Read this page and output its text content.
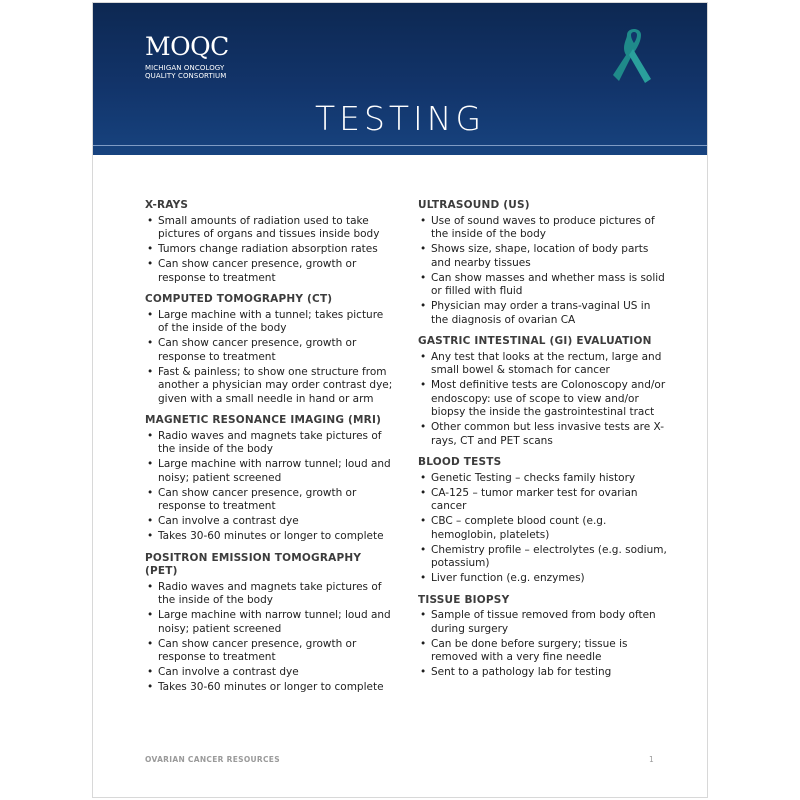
MOQC
MICHIGAN ONCOLOGY
QUALITY CONSORTIUM
TESTING
X-RAYS
• Small amounts of radiation used to take pictures of organs and tissues inside body
• Tumors change radiation absorption rates
• Can show cancer presence, growth or response to treatment
COMPUTED TOMOGRAPHY (CT)
• Large machine with a tunnel; takes picture of the inside of the body
• Can show cancer presence, growth or response to treatment
• Fast & painless; to show one structure from another a physician may order contrast dye; given with a small needle in hand or arm
MAGNETIC RESONANCE IMAGING (MRI)
• Radio waves and magnets take pictures of the inside of the body
• Large machine with narrow tunnel; loud and noisy; patient screened
• Can show cancer presence, growth or response to treatment
• Can involve a contrast dye
• Takes 30-60 minutes or longer to complete
POSITRON EMISSION TOMOGRAPHY (PET)
• Radio waves and magnets take pictures of the inside of the body
• Large machine with narrow tunnel; loud and noisy; patient screened
• Can show cancer presence, growth or response to treatment
• Can involve a contrast dye
• Takes 30-60 minutes or longer to complete
ULTRASOUND (US)
• Use of sound waves to produce pictures of the inside of the body
• Shows size, shape, location of body parts and nearby tissues
• Can show masses and whether mass is solid or filled with fluid
• Physician may order a trans-vaginal US in the diagnosis of ovarian CA
GASTRIC INTESTINAL (GI) EVALUATION
• Any test that looks at the rectum, large and small bowel & stomach for cancer
• Most definitive tests are Colonoscopy and/or endoscopy: use of scope to view and/or biopsy the inside the gastrointestinal tract
• Other common but less invasive tests are X-rays, CT and PET scans
BLOOD TESTS
• Genetic Testing – checks family history
• CA-125 – tumor marker test for ovarian cancer
• CBC – complete blood count (e.g. hemoglobin, platelets)
• Chemistry profile – electrolytes (e.g. sodium, potassium)
• Liver function (e.g. enzymes)
TISSUE BIOPSY
• Sample of tissue removed from body often during surgery
• Can be done before surgery; tissue is removed with a very fine needle
• Sent to a pathology lab for testing
OVARIAN CANCER RESOURCES	1
